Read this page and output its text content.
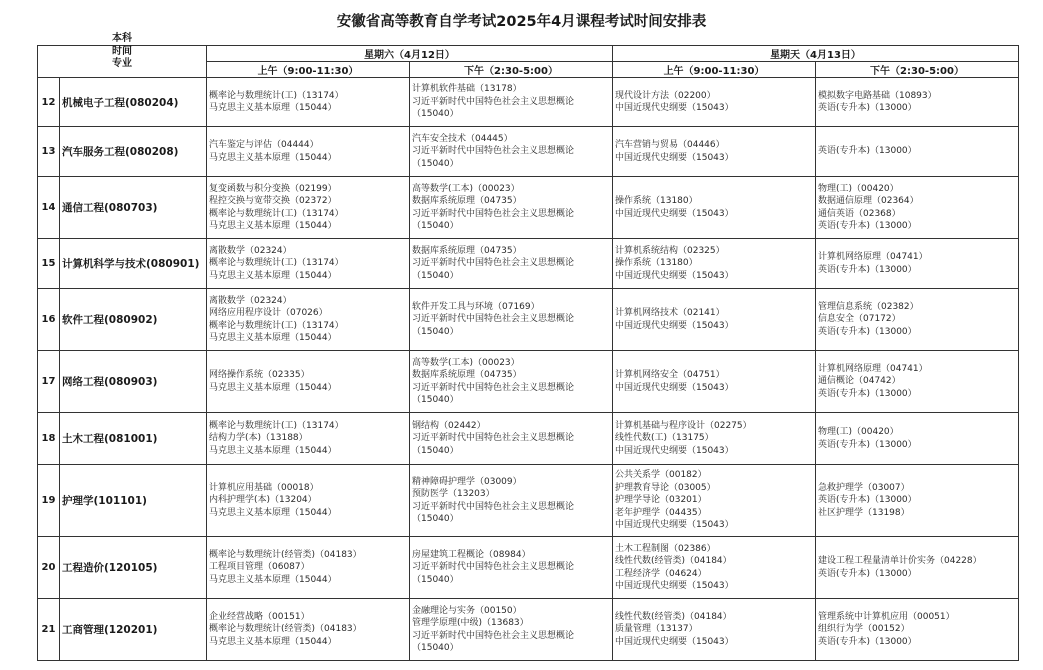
安徽省高等教育自学考试2025年4月课程考试时间安排表
本科
时间
专业		星期六（4月12日）		星期天（4月13日）	
		上午（9:00-11:30）	下午（2:30-5:00）	上午（9:00-11:30）	下午（2:30-5:00）
12	机械电子工程(080204)	概率论与数理统计(工)（13174）
马克思主义基本原理（15044）	计算机软件基础（13178）
习近平新时代中国特色社会主义思想概论
（15040）	现代设计方法（02200）
中国近现代史纲要（15043）	模拟数字电路基础（10893）
英语(专升本)（13000）

13	汽车服务工程(080208)	汽车鉴定与评估（04444）
马克思主义基本原理（15044）	汽车安全技术（04445）
习近平新时代中国特色社会主义思想概论
（15040）	汽车营销与贸易（04446）
中国近现代史纲要（15043）	英语(专升本)（13000）

14	通信工程(080703)	复变函数与积分变换（02199）
程控交换与宽带交换（02372）
概率论与数理统计(工)（13174）
马克思主义基本原理（15044）	高等数学(工本)（00023）
数据库系统原理（04735）
习近平新时代中国特色社会主义思想概论
（15040）	操作系统（13180）
中国近现代史纲要（15043）	物理(工)（00420）
数据通信原理（02364）
通信英语（02368）
英语(专升本)（13000）

15	计算机科学与技术(080901)	离散数学（02324）
概率论与数理统计(工)（13174）
马克思主义基本原理（15044）	数据库系统原理（04735）
习近平新时代中国特色社会主义思想概论
（15040）	计算机系统结构（02325）
操作系统（13180）
中国近现代史纲要（15043）	计算机网络原理（04741）
英语(专升本)（13000）

16	软件工程(080902)	离散数学（02324）
网络应用程序设计（07026）
概率论与数理统计(工)（13174）
马克思主义基本原理（15044）	软件开发工具与环境（07169）
习近平新时代中国特色社会主义思想概论
（15040）	计算机网络技术（02141）
中国近现代史纲要（15043）	管理信息系统（02382）
信息安全（07172）
英语(专升本)（13000）

17	网络工程(080903)	网络操作系统（02335）
马克思主义基本原理（15044）	高等数学(工本)（00023）
数据库系统原理（04735）
习近平新时代中国特色社会主义思想概论
（15040）	计算机网络安全（04751）
中国近现代史纲要（15043）	计算机网络原理（04741）
通信概论（04742）
英语(专升本)（13000）

18	土木工程(081001)	概率论与数理统计(工)（13174）
结构力学(本)（13188）
马克思主义基本原理（15044）	钢结构（02442）
习近平新时代中国特色社会主义思想概论
（15040）	计算机基础与程序设计（02275）
线性代数(工)（13175）
中国近现代史纲要（15043）	物理(工)（00420）
英语(专升本)（13000）

19	护理学(101101)	计算机应用基础（00018）
内科护理学(本)（13204）
马克思主义基本原理（15044）	精神障碍护理学（03009）
预防医学（13203）
习近平新时代中国特色社会主义思想概论
（15040）	公共关系学（00182）
护理教育导论（03005）
护理学导论（03201）
老年护理学（04435）
中国近现代史纲要（15043）	急救护理学（03007）
英语(专升本)（13000）
社区护理学（13198）

20	工程造价(120105)	概率论与数理统计(经管类)（04183）
工程项目管理（06087）
马克思主义基本原理（15044）	房屋建筑工程概论（08984）
习近平新时代中国特色社会主义思想概论
（15040）	土木工程制图（02386）
线性代数(经管类)（04184）
工程经济学（04624）
中国近现代史纲要（15043）	建设工程工程量清单计价实务（04228）
英语(专升本)（13000）

21	工商管理(120201)	企业经营战略（00151）
概率论与数理统计(经管类)（04183）
马克思主义基本原理（15044）	金融理论与实务（00150）
管理学原理(中级)（13683）
习近平新时代中国特色社会主义思想概论
（15040）	线性代数(经管类)（04184）
质量管理（13137）
中国近现代史纲要（15043）	管理系统中计算机应用（00051）
组织行为学（00152）
英语(专升本)（13000）
